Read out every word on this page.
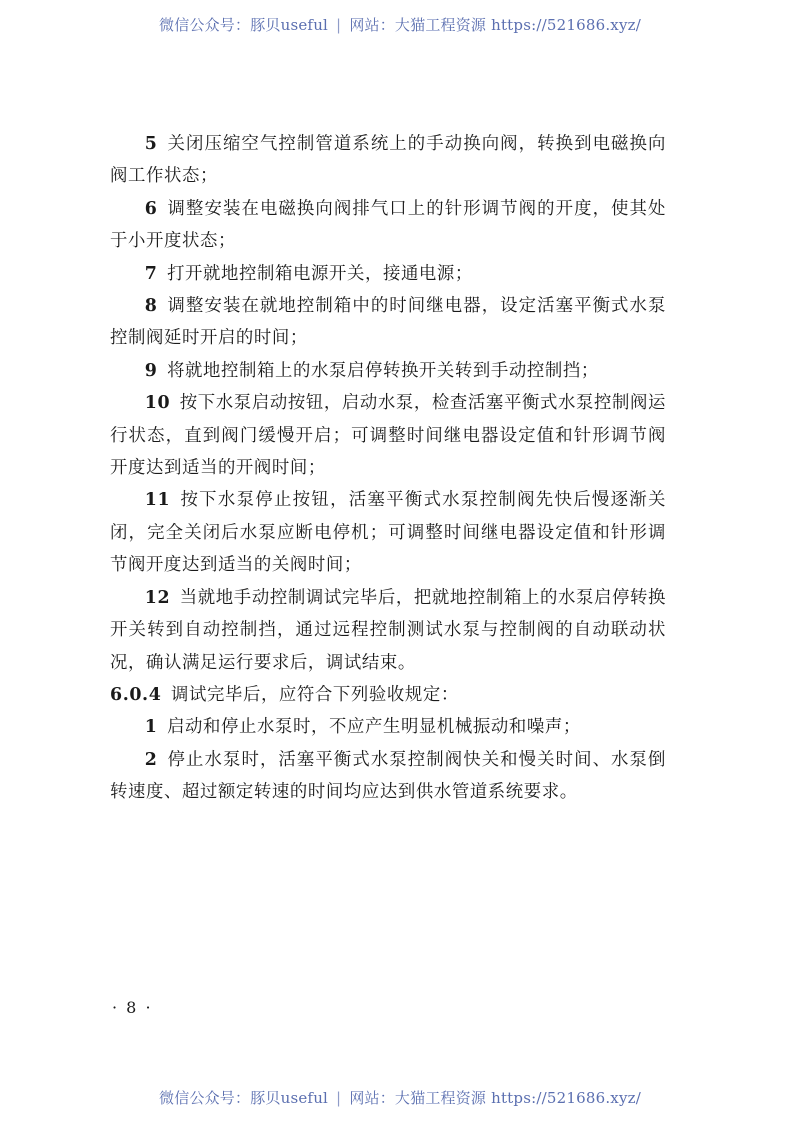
微信公众号：豚贝useful | 网站：大猫工程资源 https://521686.xyz/

5 关闭压缩空气控制管道系统上的手动换向阀，转换到电磁换向阀工作状态；

6 调整安装在电磁换向阀排气口上的针形调节阀的开度，使其处于小开度状态；

7 打开就地控制箱电源开关，接通电源；

8 调整安装在就地控制箱中的时间继电器，设定活塞平衡式水泵控制阀延时开启的时间；

9 将就地控制箱上的水泵启停转换开关转到手动控制挡；

10 按下水泵启动按钮，启动水泵，检查活塞平衡式水泵控制阀运行状态，直到阀门缓慢开启；可调整时间继电器设定值和针形调节阀开度达到适当的开阀时间；

11 按下水泵停止按钮，活塞平衡式水泵控制阀先快后慢逐渐关闭，完全关闭后水泵应断电停机；可调整时间继电器设定值和针形调节阀开度达到适当的关阀时间；

12 当就地手动控制调试完毕后，把就地控制箱上的水泵启停转换开关转到自动控制挡，通过远程控制测试水泵与控制阀的自动联动状况，确认满足运行要求后，调试结束。

6.0.4 调试完毕后，应符合下列验收规定：

1 启动和停止水泵时，不应产生明显机械振动和噪声；

2 停止水泵时，活塞平衡式水泵控制阀快关和慢关时间、水泵倒转速度、超过额定转速的时间均应达到供水管道系统要求。

· 8 ·
微信公众号：豚贝useful | 网站：大猫工程资源 https://521686.xyz/
